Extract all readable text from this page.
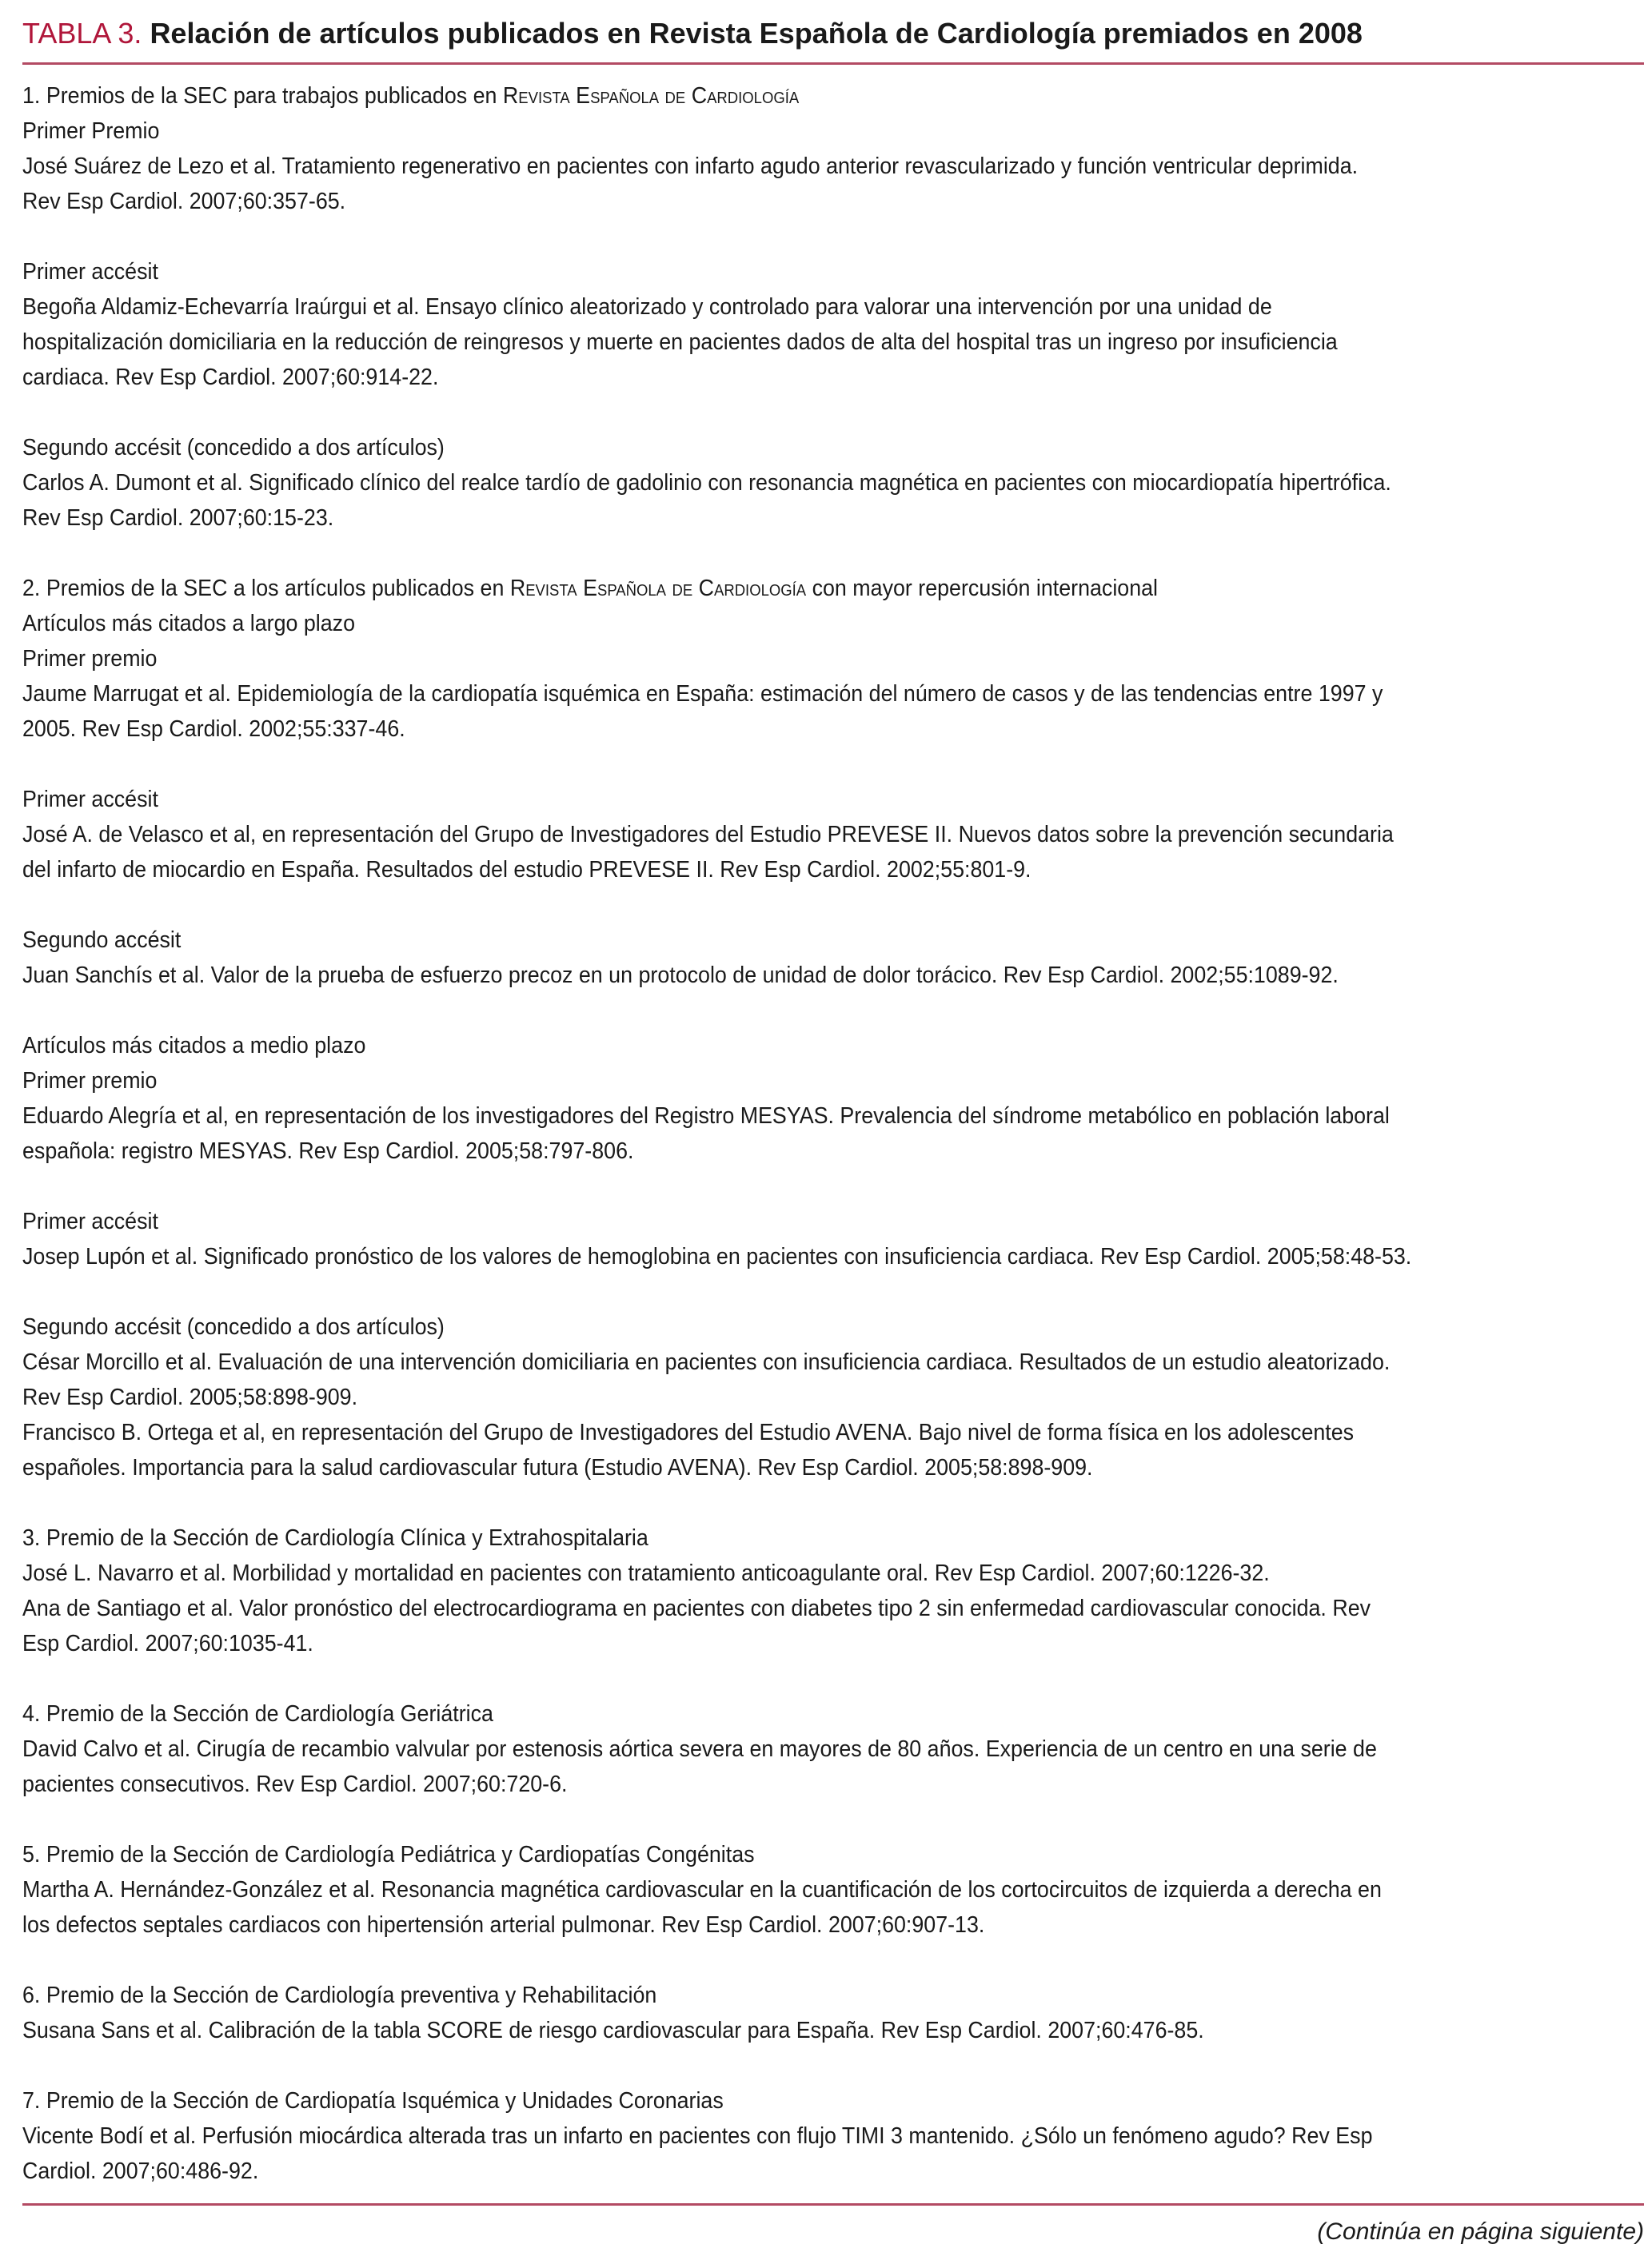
TABLA 3. Relación de artículos publicados en Revista Española de Cardiología premiados en 2008
1. Premios de la SEC para trabajos publicados en Revista Española de Cardiología
Primer Premio
José Suárez de Lezo et al. Tratamiento regenerativo en pacientes con infarto agudo anterior revascularizado y función ventricular deprimida.
Rev Esp Cardiol. 2007;60:357-65.
Primer accésit
Begoña Aldamiz-Echevarría Iraúrgui et al. Ensayo clínico aleatorizado y controlado para valorar una intervención por una unidad de
hospitalización domiciliaria en la reducción de reingresos y muerte en pacientes dados de alta del hospital tras un ingreso por insuficiencia
cardiaca. Rev Esp Cardiol. 2007;60:914-22.
Segundo accésit (concedido a dos artículos)
Carlos A. Dumont et al. Significado clínico del realce tardío de gadolinio con resonancia magnética en pacientes con miocardiopatía hipertrófica.
Rev Esp Cardiol. 2007;60:15-23.
2. Premios de la SEC a los artículos publicados en Revista Española de Cardiología con mayor repercusión internacional
Artículos más citados a largo plazo
Primer premio
Jaume Marrugat et al. Epidemiología de la cardiopatía isquémica en España: estimación del número de casos y de las tendencias entre 1997 y
2005. Rev Esp Cardiol. 2002;55:337-46.
Primer accésit
José A. de Velasco et al, en representación del Grupo de Investigadores del Estudio PREVESE II. Nuevos datos sobre la prevención secundaria
del infarto de miocardio en España. Resultados del estudio PREVESE II. Rev Esp Cardiol. 2002;55:801-9.
Segundo accésit
Juan Sanchís et al. Valor de la prueba de esfuerzo precoz en un protocolo de unidad de dolor torácico. Rev Esp Cardiol. 2002;55:1089-92.
Artículos más citados a medio plazo
Primer premio
Eduardo Alegría et al, en representación de los investigadores del Registro MESYAS. Prevalencia del síndrome metabólico en población laboral
española: registro MESYAS. Rev Esp Cardiol. 2005;58:797-806.
Primer accésit
Josep Lupón et al. Significado pronóstico de los valores de hemoglobina en pacientes con insuficiencia cardiaca. Rev Esp Cardiol. 2005;58:48-53.
Segundo accésit (concedido a dos artículos)
César Morcillo et al. Evaluación de una intervención domiciliaria en pacientes con insuficiencia cardiaca. Resultados de un estudio aleatorizado.
Rev Esp Cardiol. 2005;58:898-909.
Francisco B. Ortega et al, en representación del Grupo de Investigadores del Estudio AVENA. Bajo nivel de forma física en los adolescentes
españoles. Importancia para la salud cardiovascular futura (Estudio AVENA). Rev Esp Cardiol. 2005;58:898-909.
3. Premio de la Sección de Cardiología Clínica y Extrahospitalaria
José L. Navarro et al. Morbilidad y mortalidad en pacientes con tratamiento anticoagulante oral. Rev Esp Cardiol. 2007;60:1226-32.
Ana de Santiago et al. Valor pronóstico del electrocardiograma en pacientes con diabetes tipo 2 sin enfermedad cardiovascular conocida. Rev
Esp Cardiol. 2007;60:1035-41.
4. Premio de la Sección de Cardiología Geriátrica
David Calvo et al. Cirugía de recambio valvular por estenosis aórtica severa en mayores de 80 años. Experiencia de un centro en una serie de
pacientes consecutivos. Rev Esp Cardiol. 2007;60:720-6.
5. Premio de la Sección de Cardiología Pediátrica y Cardiopatías Congénitas
Martha A. Hernández-González et al. Resonancia magnética cardiovascular en la cuantificación de los cortocircuitos de izquierda a derecha en
los defectos septales cardiacos con hipertensión arterial pulmonar. Rev Esp Cardiol. 2007;60:907-13.
6. Premio de la Sección de Cardiología preventiva y Rehabilitación
Susana Sans et al. Calibración de la tabla SCORE de riesgo cardiovascular para España. Rev Esp Cardiol. 2007;60:476-85.
7. Premio de la Sección de Cardiopatía Isquémica y Unidades Coronarias
Vicente Bodí et al. Perfusión miocárdica alterada tras un infarto en pacientes con flujo TIMI 3 mantenido. ¿Sólo un fenómeno agudo? Rev Esp
Cardiol. 2007;60:486-92.
(Continúa en página siguiente)
